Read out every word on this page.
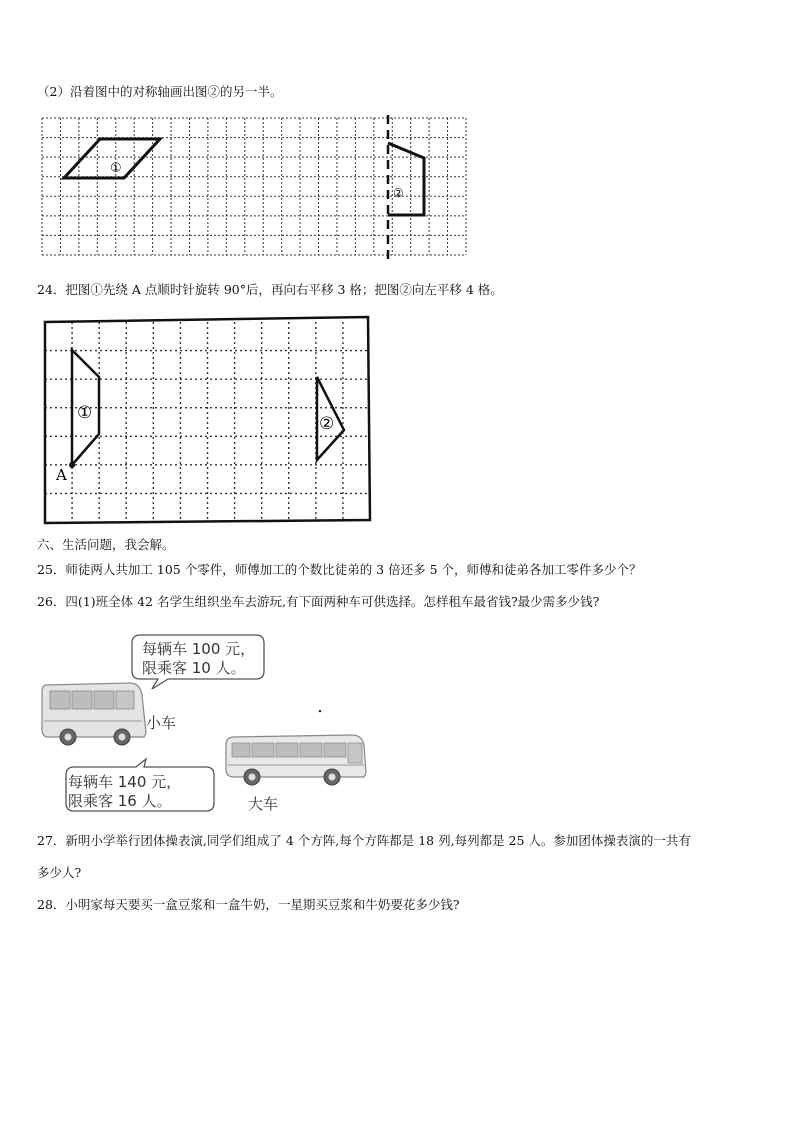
（2）沿着图中的对称轴画出图②的另一半。
①
②
24．把图①先绕 A 点顺时针旋转 90°后，再向右平移 3 格；把图②向左平移 4 格。
A
①
②
六、生活问题，我会解。
25．师徒两人共加工 105 个零件，师傅加工的个数比徒弟的 3 倍还多 5 个，师傅和徒弟各加工零件多少个？
26．四(1)班全体 42 名学生组织坐车去游玩,有下面两种车可供选择。怎样租车最省钱?最少需多少钱?
每辆车 100 元，
限乘客 10 人。
小车
每辆车 140 元，
限乘客 16 人。	大车
27．新明小学举行团体操表演,同学们组成了 4 个方阵,每个方阵都是 18 列,每列都是 25 人。参加团体操表演的一共有
多少人?
28．小明家每天要买一盒豆浆和一盒牛奶，一星期买豆浆和牛奶要花多少钱?
